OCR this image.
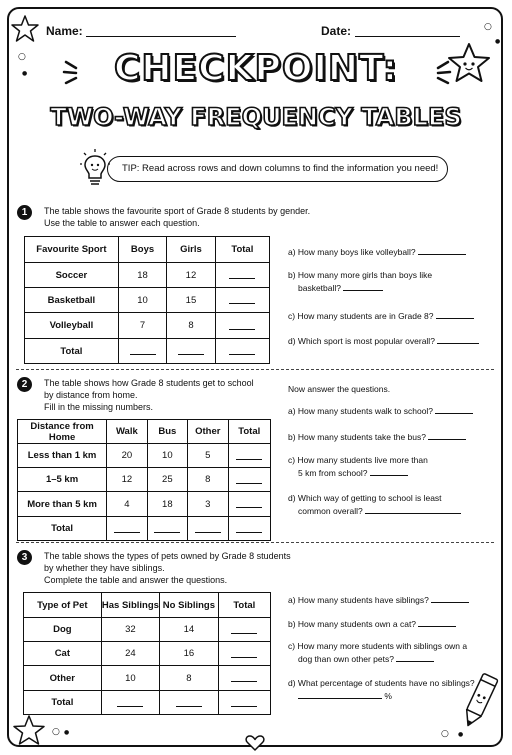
○
●
○
●
Name:	Date:
CHECKPOINT:
TWO-WAY FREQUENCY TABLES
TIP: Read across rows and down columns to find the information you need!
1	The table shows the favourite sport of Grade 8 students by gender.
Use the table to answer each question.
Favourite Sport	Boys	Girls	Total
Soccer	18	12	
Basketball	10	15	
Volleyball	7	8	
Total			
a) How many boys like volleyball?
b) How many more girls than boys like
basketball?
c) How many students are in Grade 8?
d) Which sport is most popular overall?
2	The table shows how Grade 8 students get to school
by distance from home.
Fill in the missing numbers.
Distance from Home	Walk	Bus	Other	Total
Less than 1 km	20	10	5	
1–5 km	12	25	8	
More than 5 km	4	18	3	
Total				
Now answer the questions.
a) How many students walk to school?
b) How many students take the bus?
c) How many students live more than
5 km from school?
d) Which way of getting to school is least
common overall?
3	The table shows the types of pets owned by Grade 8 students
by whether they have siblings.
Complete the table and answer the questions.
Type of Pet	Has Siblings	No Siblings	Total
Dog	32	14	
Cat	24	16	
Other	10	8	
Total			
a) How many students have siblings?
b) How many students own a cat?
c) How many more students with siblings own a
dog than own other pets?
d) What percentage of students have no siblings?
%
○ ●	○ ●
